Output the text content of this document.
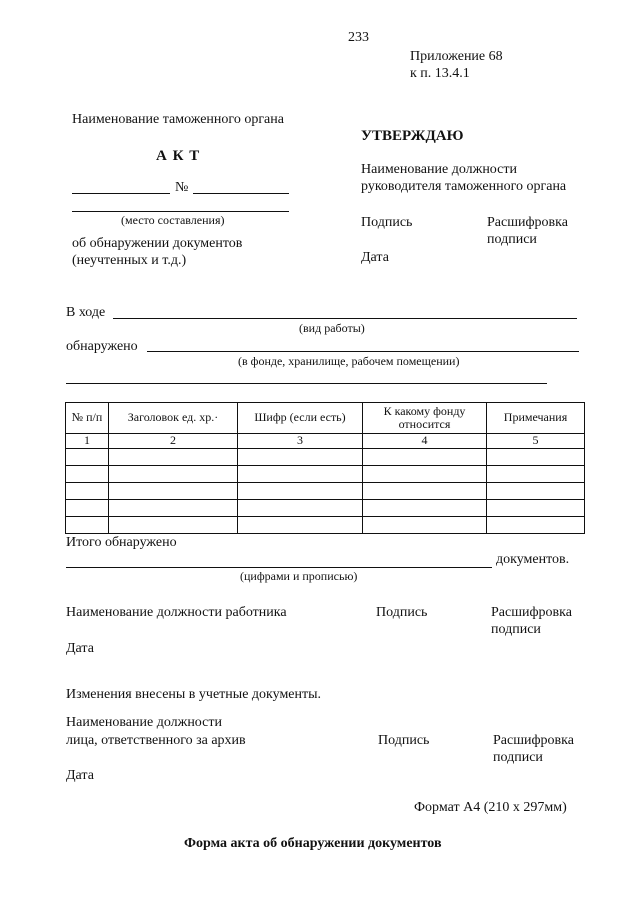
233
Приложение 68
к п. 13.4.1
Наименование таможенного органа
А К Т
№
(место составления)
об обнаружении документов
(неучтенных и т.д.)
УТВЕРЖДАЮ
Наименование должности
руководителя таможенного органа
Подпись	Расшифровка
подписи
Дата
В ходе
(вид работы)
обнаружено
(в фонде, хранилище, рабочем помещении)
№ п/п	Заголовок ед. хр.·	Шифр (если есть)	К какому фонду относится	Примечания
1	2	3	4	5

Итого обнаружено
документов.
(цифрами и прописью)
Наименование должности работника	Подпись	Расшифровка
подписи
Дата
Изменения внесены в учетные документы.
Наименование должности
лица, ответственного за архив	Подпись	Расшифровка
подписи
Дата
Формат А4 (210 х 297мм)
Форма акта об обнаружении документов
